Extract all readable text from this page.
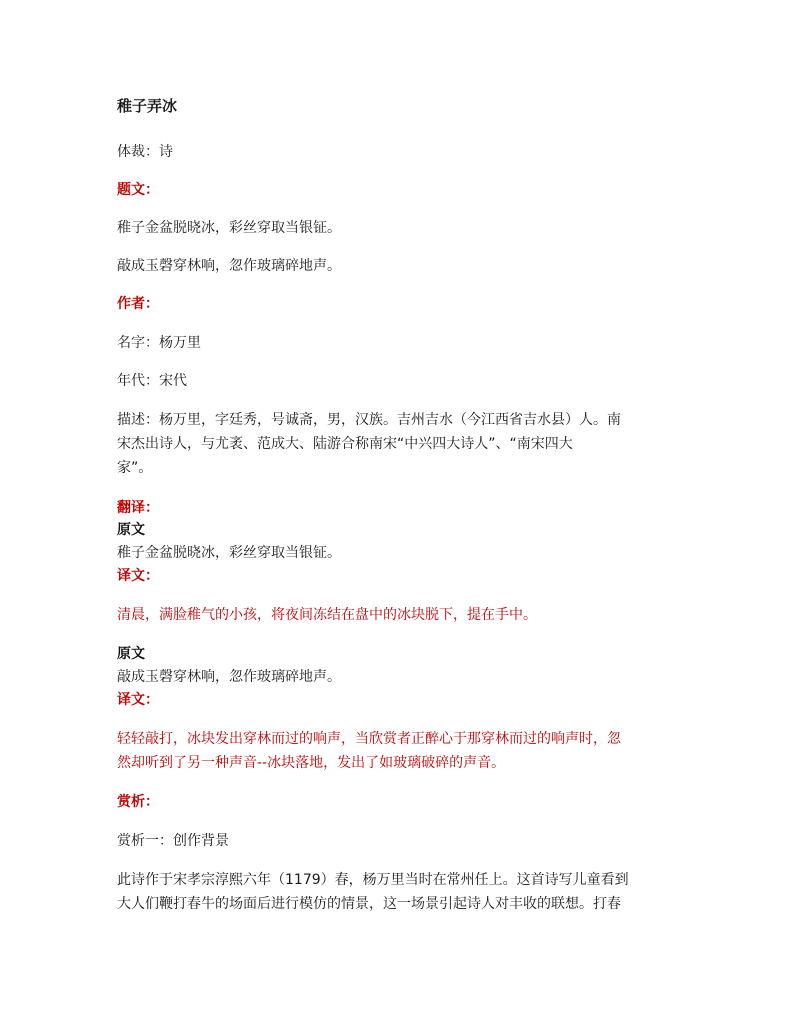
稚子弄冰
体裁：诗
题文：
稚子金盆脱晓冰，彩丝穿取当银钲。
敲成玉磬穿林响，忽作玻璃碎地声。
作者：
名字：杨万里
年代：宋代
描述：杨万里，字廷秀，号诚斋，男，汉族。吉州吉水（今江西省吉水县）人。南
宋杰出诗人，与尤袤、范成大、陆游合称南宋“中兴四大诗人”、“南宋四大
家”。
翻译：
原文
稚子金盆脱晓冰，彩丝穿取当银钲。
译文：
清晨，满脸稚气的小孩，将夜间冻结在盘中的冰块脱下，提在手中。
原文
敲成玉磬穿林响，忽作玻璃碎地声。
译文：
轻轻敲打，冰块发出穿林而过的响声，当欣赏者正醉心于那穿林而过的响声时，忽
然却听到了另一种声音--冰块落地，发出了如玻璃破碎的声音。
赏析：
赏析一：创作背景
此诗作于宋孝宗淳熙六年（1179）春，杨万里当时在常州任上。这首诗写儿童看到
大人们鞭打春牛的场面后进行模仿的情景，这一场景引起诗人对丰收的联想。打春
